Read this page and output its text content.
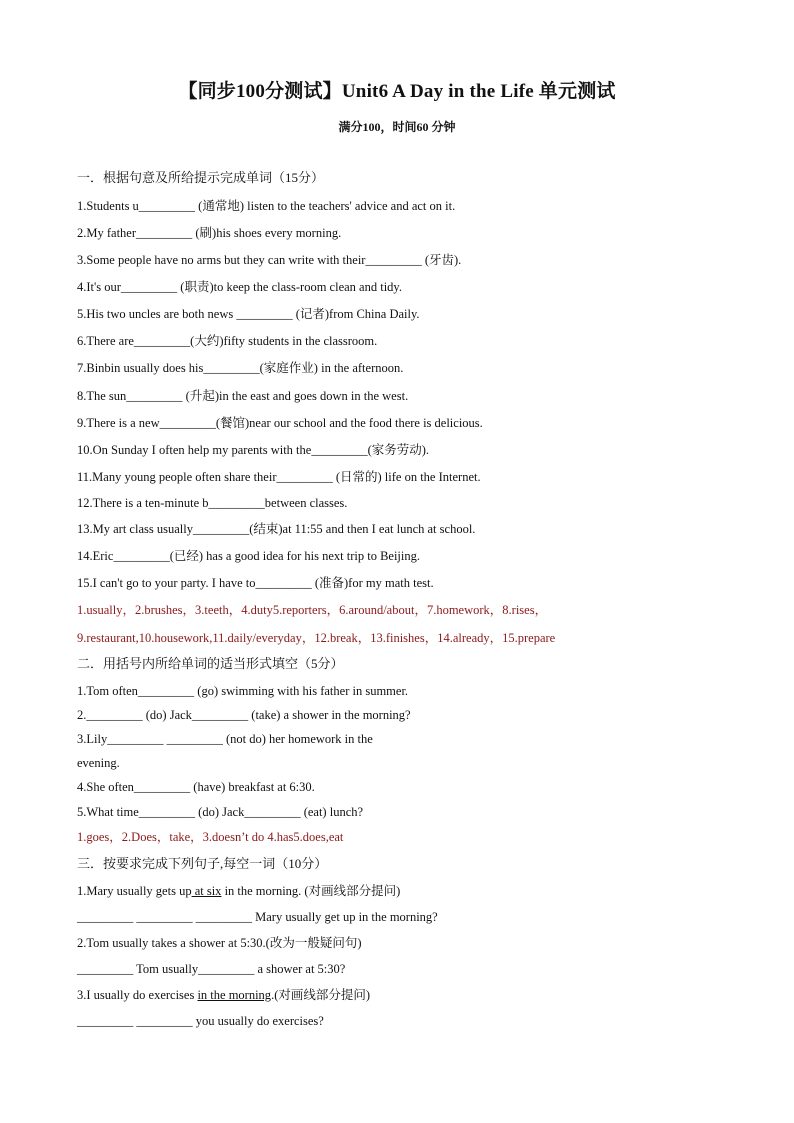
【同步100分测试】Unit6 A Day in the Life 单元测试
满分100，时间60 分钟
一．根据句意及所给提示完成单词（15分）
1.Students u_________ (通常地) listen to the teachers' advice and act on it.
2.My father_________ (刷)his shoes every morning.
3.Some people have no arms but they can write with their_________ (牙齿).
4.It's our_________ (职责)to keep the class-room clean and tidy.
5.His two uncles are both news _________ (记者)from China Daily.
6.There are_________(大约)fifty students in the classroom.
7.Binbin usually does his_________(家庭作业) in the afternoon.
8.The sun_________ (升起)in the east and goes down in the west.
9.There is a new_________(餐馆)near our school and the food there is delicious.
10.On Sunday I often help my parents with the_________(家务劳动).
11.Many young people often share their_________ (日常的) life on the Internet.
12.There is a ten-minute b_________between classes.
13.My art class usually_________(结束)at 11:55 and then I eat lunch at school.
14.Eric_________(已经) has a good idea for his next trip to Beijing.
15.I can't go to your party. I have to_________ (准备)for my math test.
1.usually，2.brushes，3.teeth，4.duty5.reporters，6.around/about，7.homework，8.rises，
9.restaurant,10.housework,11.daily/everyday，12.break，13.finishes，14.already，15.prepare
二．用括号内所给单词的适当形式填空（5分）
1.Tom often_________ (go) swimming with his father in summer.
2._________ (do) Jack_________ (take) a shower in the morning?
3.Lily_________ _________ (not do) her homework in the
evening.
4.She often_________ (have) breakfast at 6:30.
5.What time_________ (do) Jack_________ (eat) lunch?
1.goes，2.Does，take，3.doesn’t do 4.has5.does,eat
三．按要求完成下列句子,每空一词（10分）
1.Mary usually gets up at six in the morning. (对画线部分提问)
_________ _________ _________ Mary usually get up in the morning?
2.Tom usually takes a shower at 5:30.(改为一般疑问句)
_________ Tom usually_________ a shower at 5:30?
3.I usually do exercises in the morning.(对画线部分提问)
_________ _________ you usually do exercises?
